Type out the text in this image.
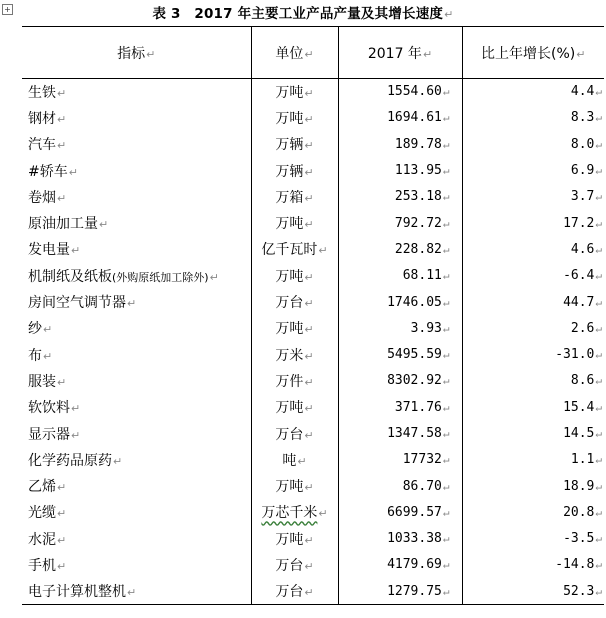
+	表 3　2017 年主要工业产品产量及其增长速度↵
指标↵	单位↵	2017 年↵	比上年增长(%)↵
生铁↵	万吨↵	1554.60↵	4.4↵
钢材↵	万吨↵	1694.61↵	8.3↵
汽车↵	万辆↵	189.78↵	8.0↵
#轿车↵	万辆↵	113.95↵	6.9↵
卷烟↵	万箱↵	253.18↵	3.7↵
原油加工量↵	万吨↵	792.72↵	17.2↵
发电量↵	亿千瓦时↵	228.82↵	4.6↵
机制纸及纸板(外购原纸加工除外)↵	万吨↵	68.11↵	-6.4↵
房间空气调节器↵	万台↵	1746.05↵	44.7↵
纱↵	万吨↵	3.93↵	2.6↵
布↵	万米↵	5495.59↵	-31.0↵
服装↵	万件↵	8302.92↵	8.6↵
软饮料↵	万吨↵	371.76↵	15.4↵
显示器↵	万台↵	1347.58↵	14.5↵
化学药品原药↵	吨↵	17732↵	1.1↵
乙烯↵	万吨↵	86.70↵	18.9↵
光缆↵	万芯千米↵	6699.57↵	20.8↵
水泥↵	万吨↵	1033.38↵	-3.5↵
手机↵	万台↵	4179.69↵	-14.8↵
电子计算机整机↵	万台↵	1279.75↵	52.3↵
